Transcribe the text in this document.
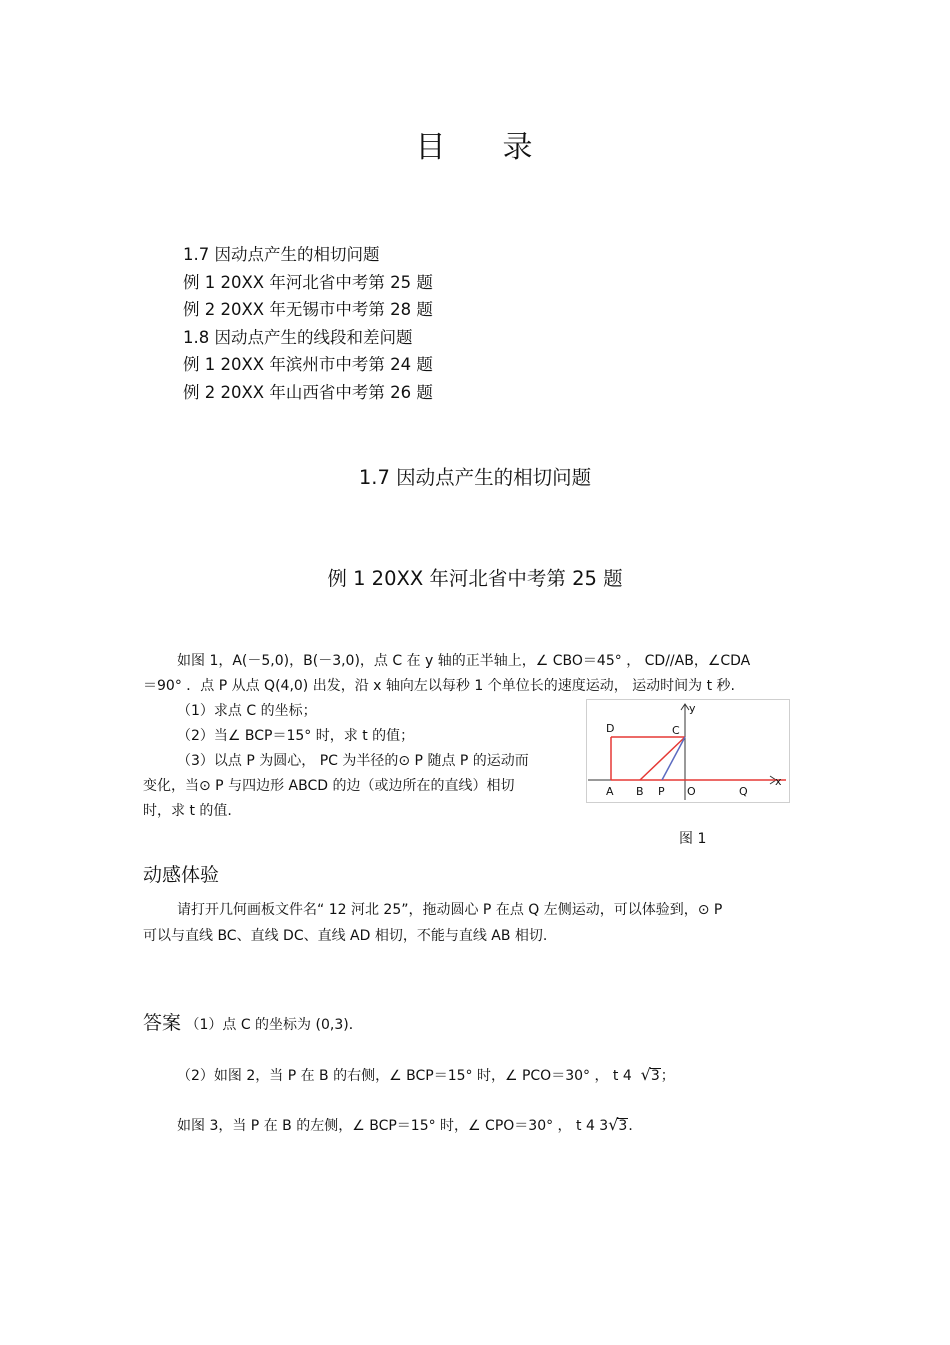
目 录
1.7 因动点产生的相切问题
例 1 20XX 年河北省中考第 25 题
例 2 20XX 年无锡市中考第 28 题
1.8 因动点产生的线段和差问题
例 1 20XX 年滨州市中考第 24 题
例 2 20XX 年山西省中考第 26 题
1.7 因动点产生的相切问题
例 1 20XX 年河北省中考第 25 题
如图 1，A(－5,0)，B(－3,0)，点 C 在 y 轴的正半轴上，∠ CBO＝45° ， CD//AB，∠CDA
＝90° ．点 P 从点 Q(4,0) 出发，沿 x 轴向左以每秒 1 个单位长的速度运动， 运动时间为 t 秒.
（1）求点 C 的坐标；
（2）当∠ BCP＝15° 时，求 t 的值；
（3）以点 P 为圆心， PC 为半径的⊙ P 随点 P 的运动而
变化，当⊙ P 与四边形 ABCD 的边（或边所在的直线）相切
时，求 t 的值.
D	C
y
x
A B P O	Q
图 1
动感体验
请打开几何画板文件名“ 12 河北 25”，拖动圆心 P 在点 Q 左侧运动，可以体验到，⊙ P
可以与直线 BC、直线 DC、直线 AD 相切，不能与直线 AB 相切.
答案 （1）点 C 的坐标为 (0,3)．
（2）如图 2，当 P 在 B 的右侧，∠ BCP＝15° 时，∠ PCO＝30° ， t 4 √3；
如图 3，当 P 在 B 的左侧，∠ BCP＝15° 时，∠ CPO＝30° ， t 4 3√3．
